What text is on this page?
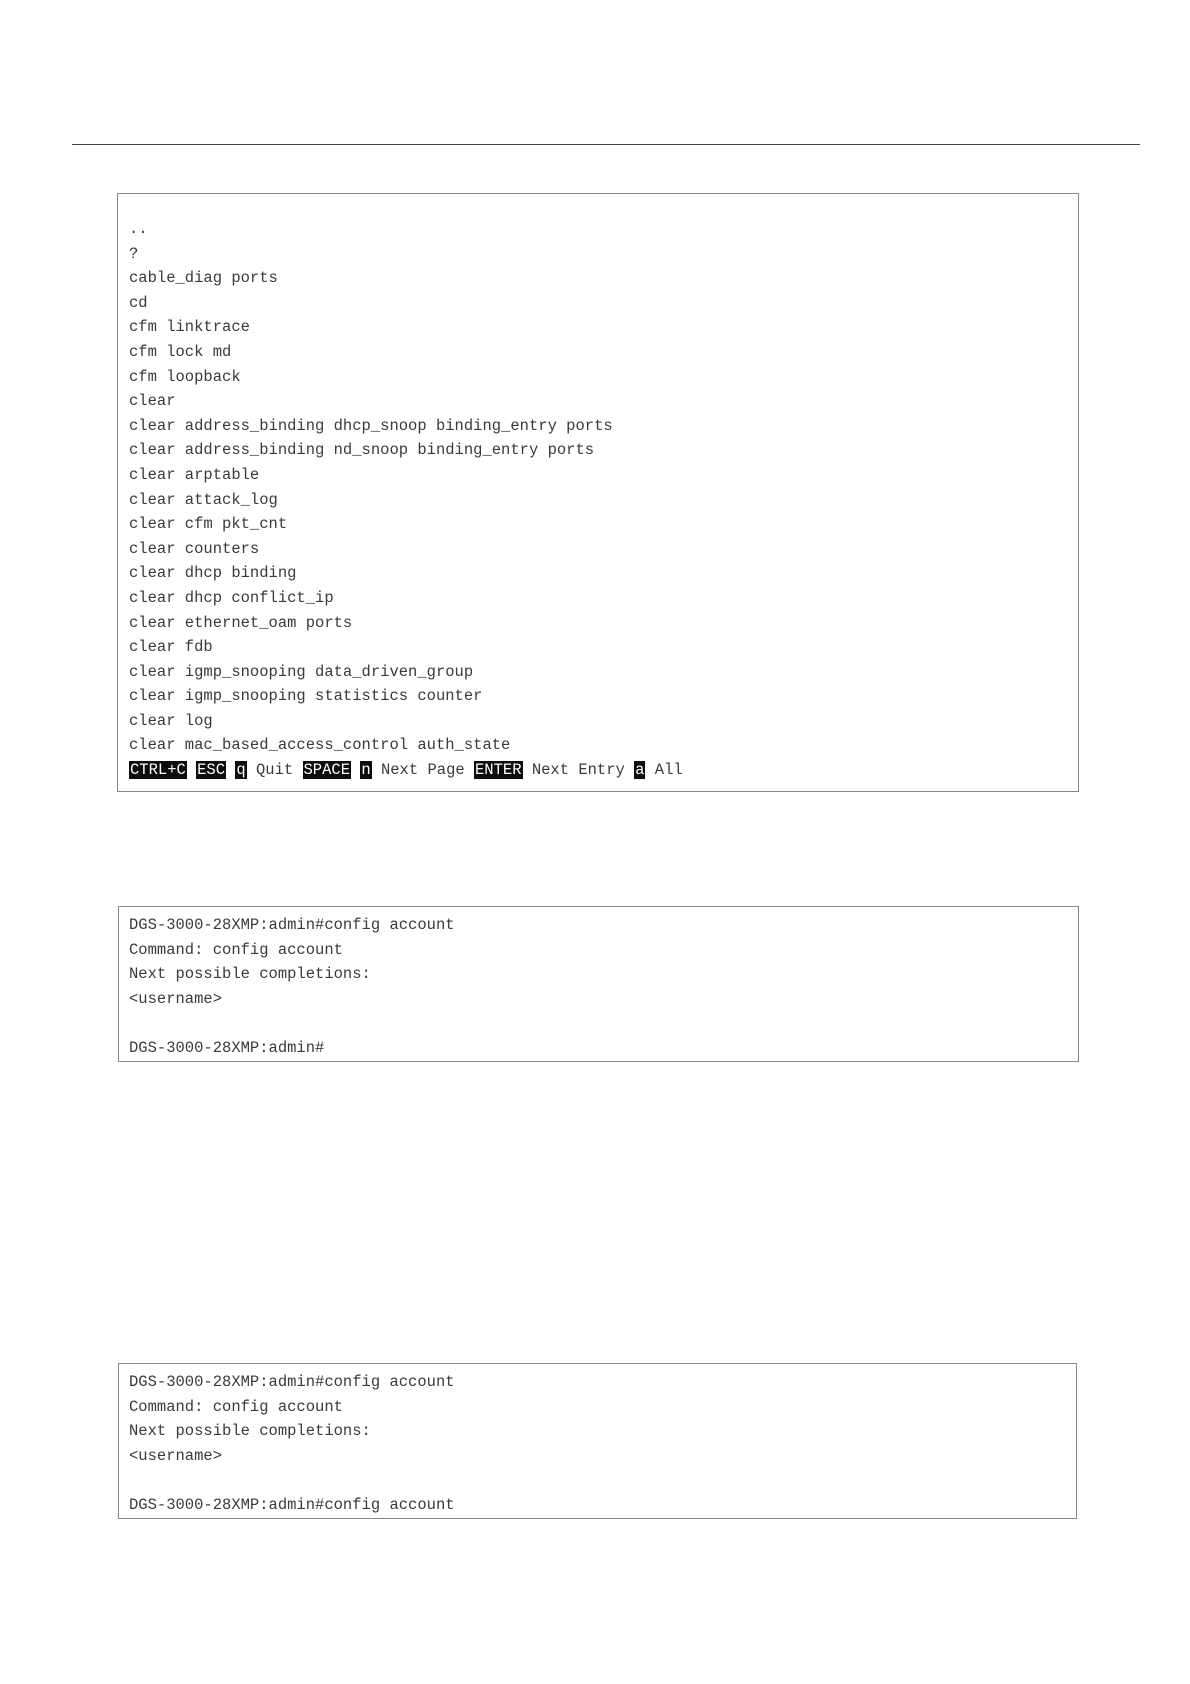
..
?
cable_diag ports
cd
cfm linktrace
cfm lock md
cfm loopback
clear
clear address_binding dhcp_snoop binding_entry ports
clear address_binding nd_snoop binding_entry ports
clear arptable
clear attack_log
clear cfm pkt_cnt
clear counters
clear dhcp binding
clear dhcp conflict_ip
clear ethernet_oam ports
clear fdb
clear igmp_snooping data_driven_group
clear igmp_snooping statistics counter
clear log
clear mac_based_access_control auth_state
CTRL+C ESC q Quit SPACE n Next Page ENTER Next Entry a All
DGS-3000-28XMP:admin#config account
Command: config account
Next possible completions:
<username>
DGS-3000-28XMP:admin#
DGS-3000-28XMP:admin#config account
Command: config account
Next possible completions:
<username>
DGS-3000-28XMP:admin#config account
